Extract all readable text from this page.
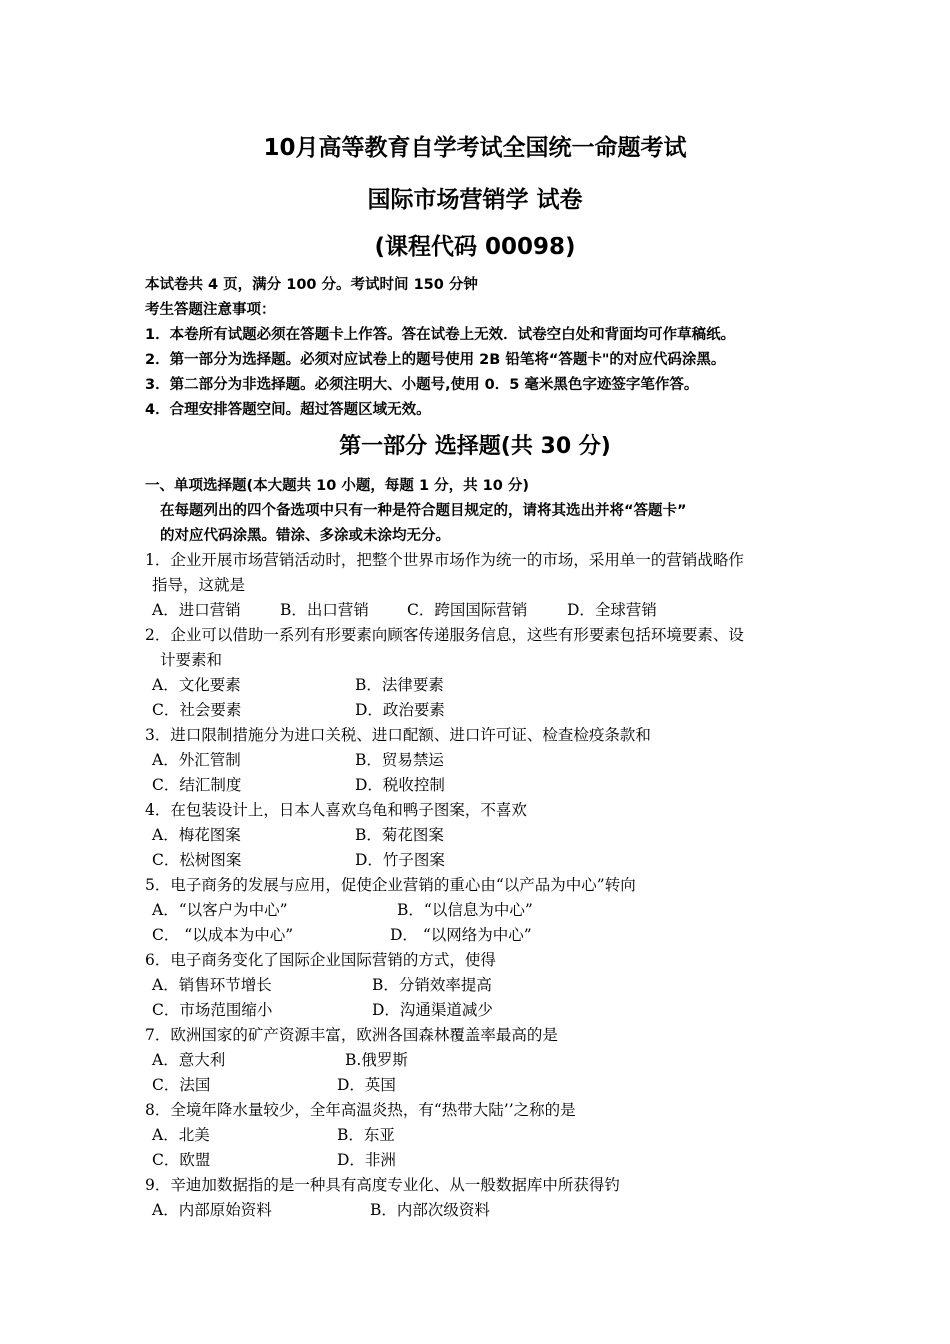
10月高等教育自学考试全国统一命题考试
国际市场营销学 试卷
(课程代码 00098)
本试卷共 4 页，满分 100 分。考试时间 150 分钟
考生答题注意事项：
1．本卷所有试题必须在答题卡上作答。答在试卷上无效．试卷空白处和背面均可作草稿纸。
2．第一部分为选择题。必须对应试卷上的题号使用 2B 铅笔将“答题卡"的对应代码涂黑。
3．第二部分为非选择题。必须注明大、小题号,使用 0．5 毫米黑色字迹签字笔作答。
4．合理安排答题空间。超过答题区域无效。
第一部分 选择题(共 30 分)
一、单项选择题(本大题共 10 小题，每题 1 分，共 10 分)
在每题列出的四个备选项中只有一种是符合题目规定的，请将其选出并将“答题卡”
的对应代码涂黑。错涂、多涂或未涂均无分。
1．企业开展市场营销活动时，把整个世界市场作为统一的市场，采用单一的营销战略作
指导，这就是
A．进口营销	B．出口营销 C．跨国国际营销	D．全球营销
2．企业可以借助一系列有形要素向顾客传递服务信息，这些有形要素包括环境要素、设
计要素和
A．文化要素	B．法律要素
C．社会要素	D．政治要素
3．进口限制措施分为进口关税、进口配额、进口许可证、检查检疫条款和
A．外汇管制	B．贸易禁运
C．结汇制度	D．税收控制
4．在包装设计上，日本人喜欢乌龟和鸭子图案，不喜欢
A．梅花图案	B．菊花图案
C．松树图案	D．竹子图案
5．电子商务的发展与应用，促使企业营销的重心由“以产品为中心”转向
A．“以客户为中心”	B．“以信息为中心”
C． “以成本为中心”	D． “以网络为中心”
6．电子商务变化了国际企业国际营销的方式，使得
A．销售环节增长	B．分销效率提高
C．市场范围缩小	D．沟通渠道减少
7．欧洲国家的矿产资源丰富，欧洲各国森林覆盖率最高的是
A．意大利	B.俄罗斯
C．法国	D．英国
8．全境年降水量较少，全年高温炎热，有“热带大陆’’之称的是
A．北美	B．东亚
C．欧盟	D．非洲
9．辛迪加数据指的是一种具有高度专业化、从一般数据库中所获得钓
A．内部原始资料	B．内部次级资料
